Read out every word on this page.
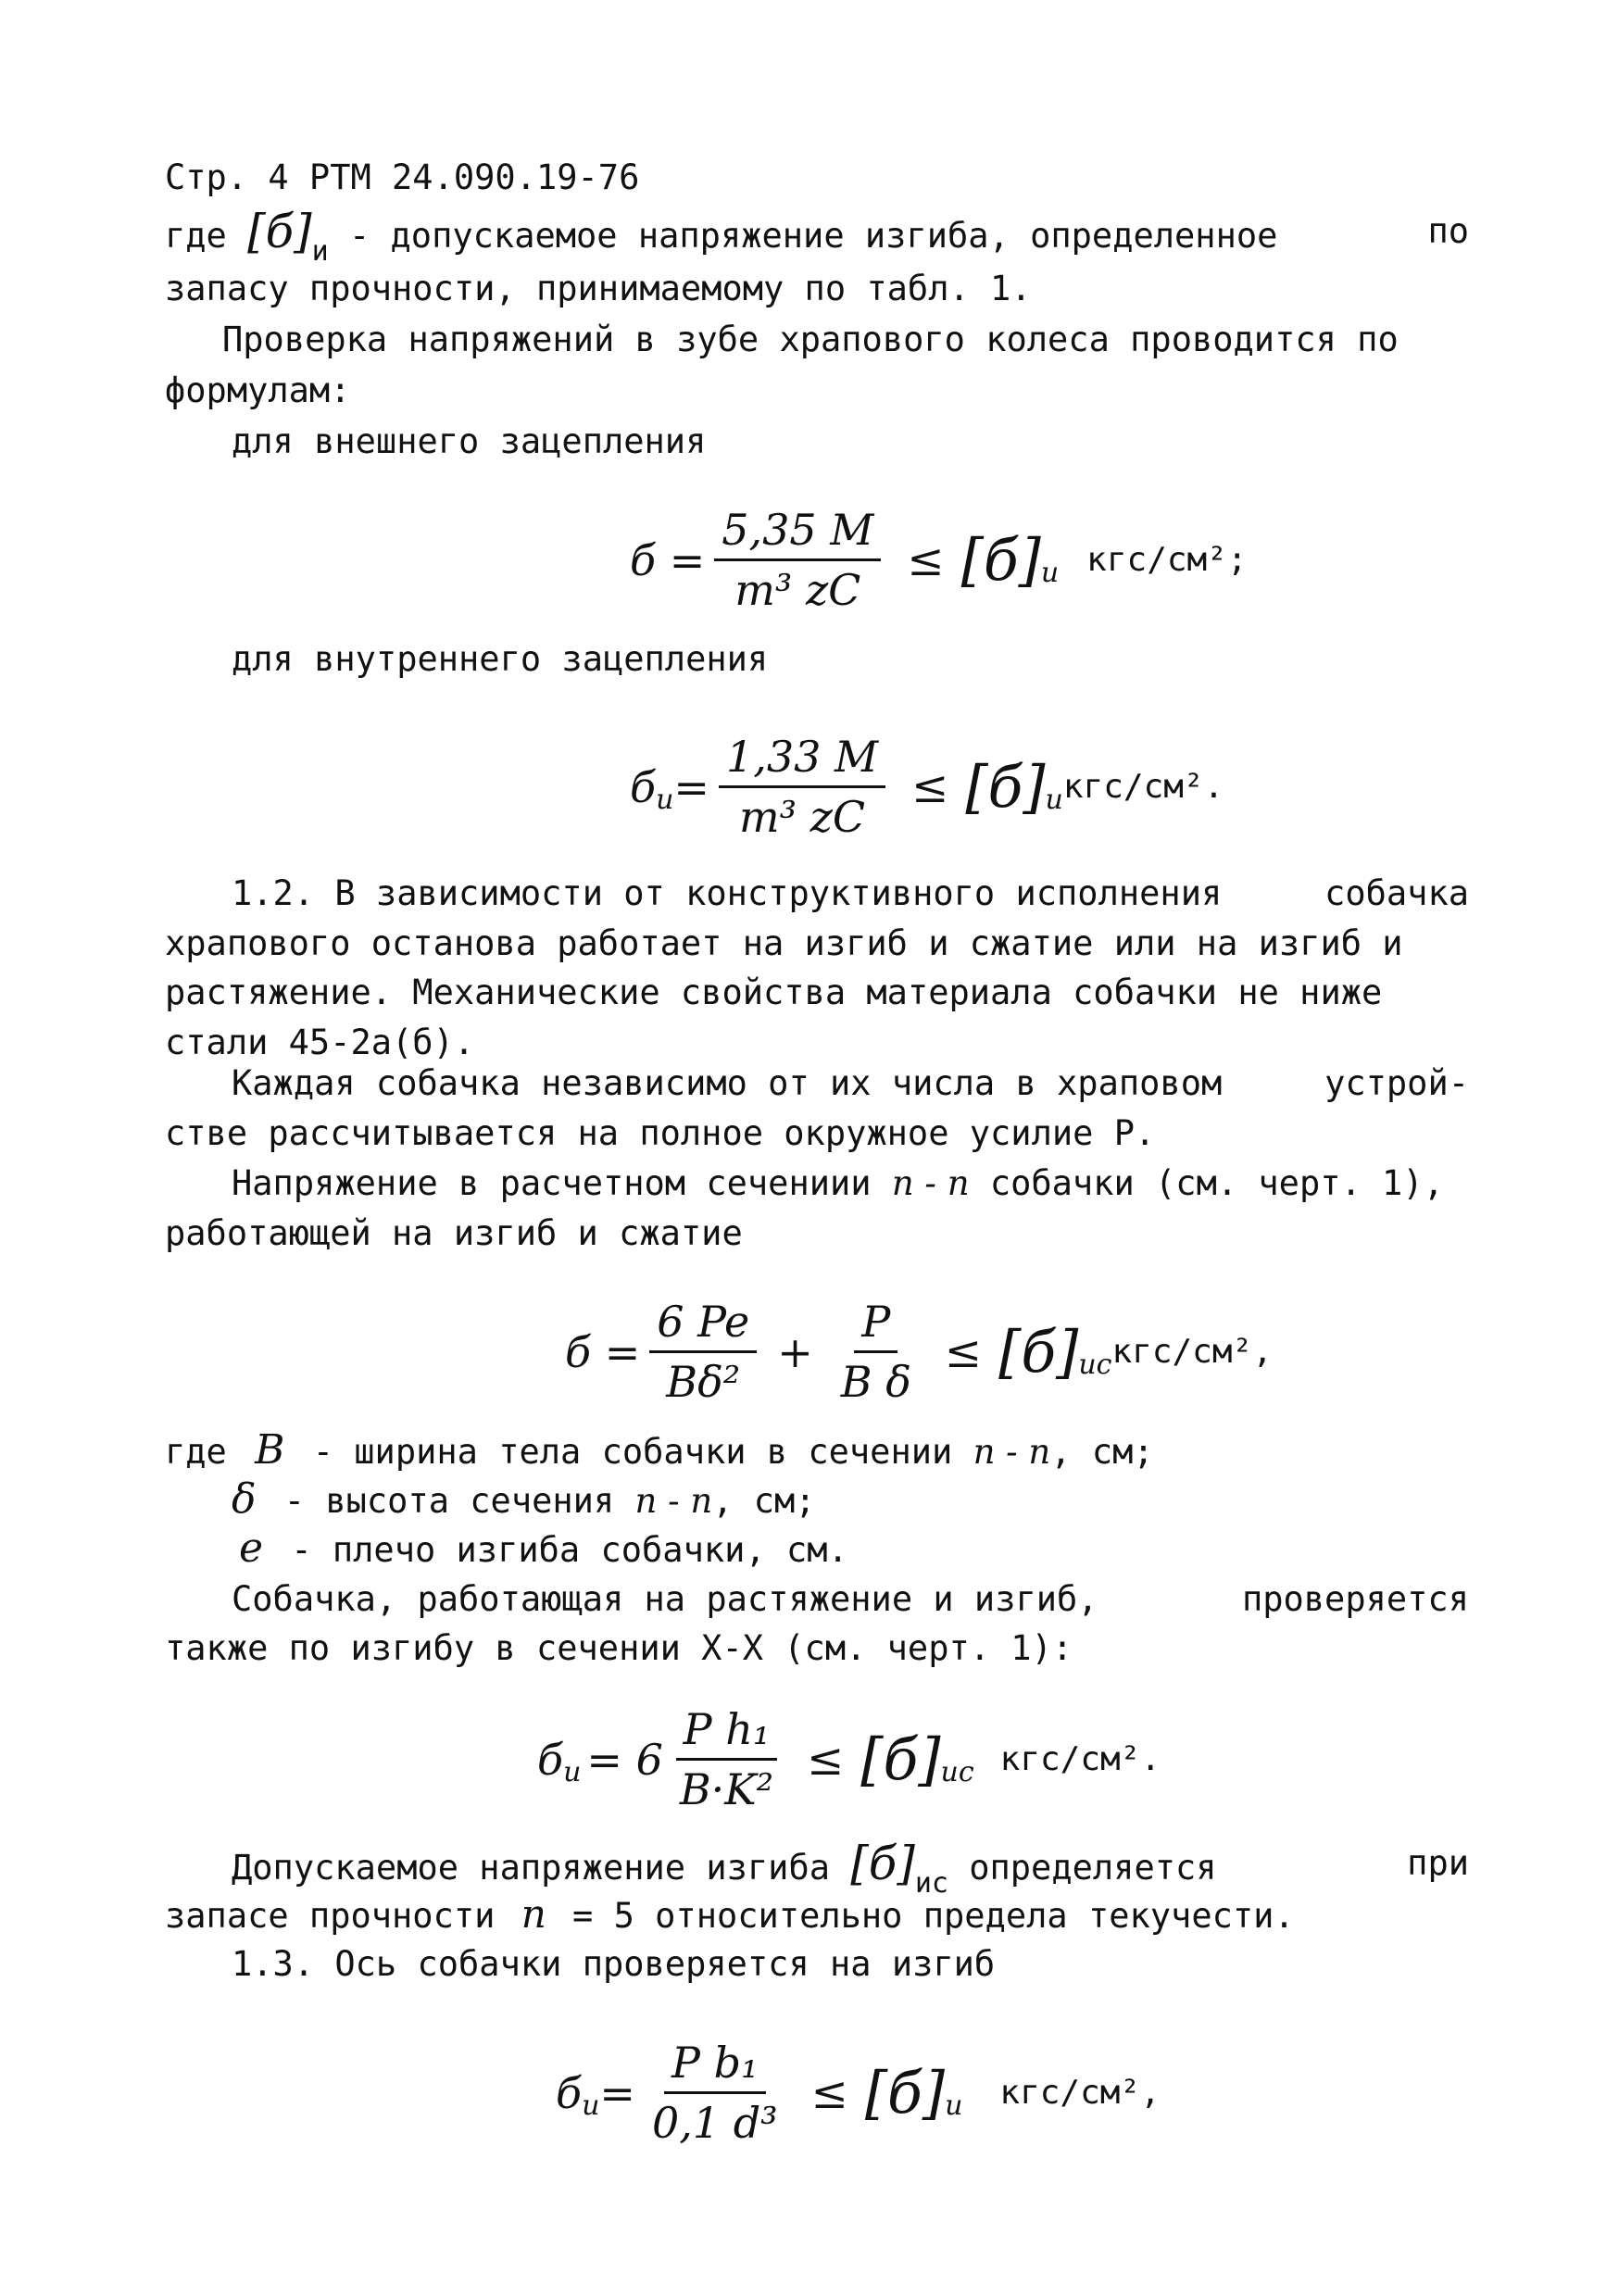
Стр. 4 РТМ 24.090.19-76
где $[б]_и$ - допускаемое напряжение изгиба, определенное	по
запасу прочности, принимаемому по табл. 1.
Проверка напряжений в зубе храпового колеса проводится по
формулам:
для внешнего зацепления
$б = \frac{5,35 M}{\text{m³ zC}} \le [б]$ u кгс/см²;
для внутреннего зацепления
б $u = \frac{1,33 M}{\text{m³ zC}} \le [б]$ u кгс/см².
1.2. В зависимости от конструктивного исполнения	собачка
храпового останова работает на изгиб и сжатие или на изгиб и
растяжение. Механические свойства материала собачки не ниже
стали 45-2а(б).
Каждая собачка независимо от их числа в храповом	устрой-
стве рассчитывается на полное окружное усилие Р.
Напряжение в расчетном сечениии n - n собачки (см. черт. 1),
работающей на изгиб и сжатие
$б = \frac{6 Pe}{\text{Bδ²}} + \frac{P}{\text{B δ}} \le [б]$ uc кгс/см²,
где B - ширина тела собачки в сечении n - n, см;
δ - высота сечения n - n, см;
e - плечо изгиба собачки, см.
Собачка, работающая на растяжение и изгиб,	проверяется
также по изгибу в сечении Х-Х (см. черт. 1):
б $u = 6 \frac{\text{P h₁}}{\text{B·K²}} \le [б]$ uc кгс/см².
Допускаемое напряжение изгиба $[б]_{ис}$ определяется	при
запасе прочности n = 5 относительно предела текучести.
1.3. Ось собачки проверяется на изгиб
б $u = \frac{\text{P b₁}}{\text{0,1 d³}} \le [б]$ u кгс/см²,
